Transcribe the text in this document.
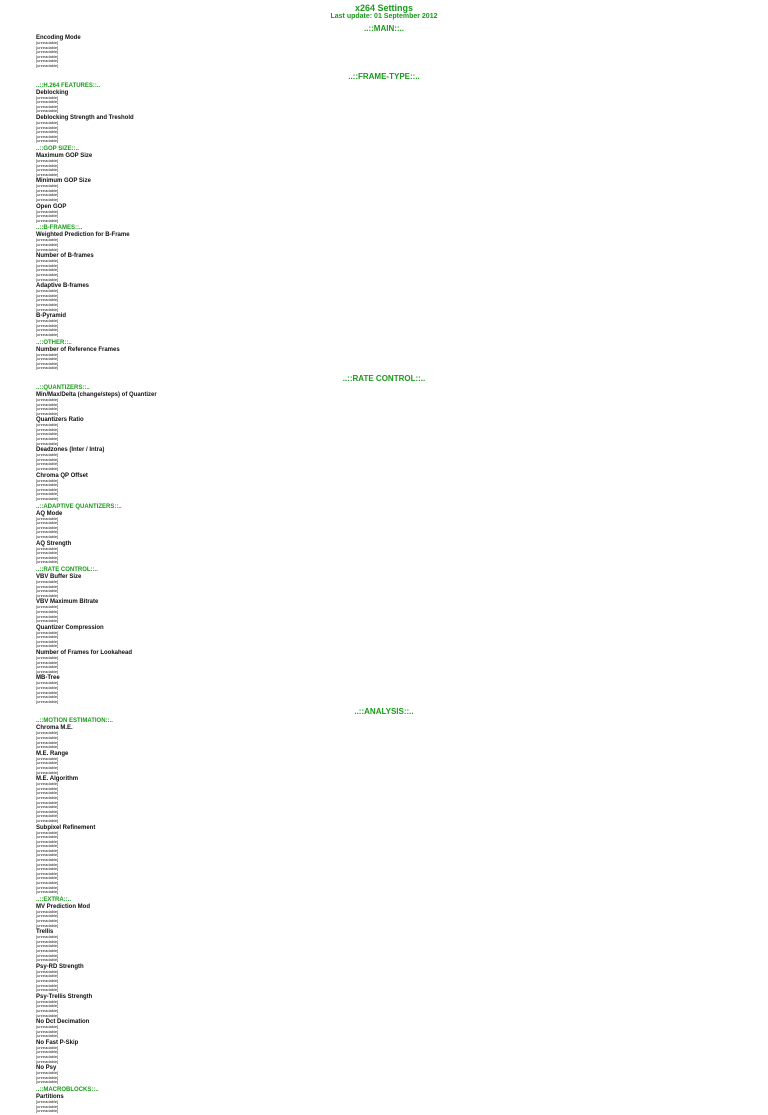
x264 Settings
Last update: 01 September 2012
..::MAIN::..
Encoding Mode
[unreadable]
[unreadable]
[unreadable]
[unreadable]
[unreadable]
[unreadable]
..::FRAME-TYPE::..
..::H.264 FEATURES::..
Deblocking
[unreadable]
[unreadable]
[unreadable]
[unreadable]
Deblocking Strength and Treshold
[unreadable]
[unreadable]
[unreadable]
[unreadable]
[unreadable]
..::GOP SIZE::..
Maximum GOP Size
[unreadable]
[unreadable]
[unreadable]
[unreadable]
Minimum GOP Size
[unreadable]
[unreadable]
[unreadable]
[unreadable]
Open GOP
[unreadable]
[unreadable]
[unreadable]
..::B-FRAMES::..
Weighted Prediction for B-Frame
[unreadable]
[unreadable]
[unreadable]
Number of B-frames
[unreadable]
[unreadable]
[unreadable]
[unreadable]
[unreadable]
Adaptive B-frames
[unreadable]
[unreadable]
[unreadable]
[unreadable]
[unreadable]
B-Pyramid
[unreadable]
[unreadable]
[unreadable]
[unreadable]
..::OTHER::..
Number of Reference Frames
[unreadable]
[unreadable]
[unreadable]
[unreadable]
..::RATE CONTROL::..
..::QUANTIZERS::..
Min/Max/Delta (change/steps) of Quantizer
[unreadable]
[unreadable]
[unreadable]
[unreadable]
Quantizers Ratio
[unreadable]
[unreadable]
[unreadable]
[unreadable]
[unreadable]
Deadzones (Inter / Intra)
[unreadable]
[unreadable]
[unreadable]
[unreadable]
Chroma QP Offset
[unreadable]
[unreadable]
[unreadable]
[unreadable]
[unreadable]
..::ADAPTIVE QUANTIZERS::..
AQ Mode
[unreadable]
[unreadable]
[unreadable]
[unreadable]
[unreadable]
AQ Strength
[unreadable]
[unreadable]
[unreadable]
[unreadable]
..::RATE CONTROL::..
VBV Buffer Size
[unreadable]
[unreadable]
[unreadable]
[unreadable]
VBV Maximum Bitrate
[unreadable]
[unreadable]
[unreadable]
[unreadable]
Quantizer Compression
[unreadable]
[unreadable]
[unreadable]
[unreadable]
Number of Frames for Lookahead
[unreadable]
[unreadable]
[unreadable]
[unreadable]
MB-Tree
[unreadable]
[unreadable]
[unreadable]
[unreadable]
[unreadable]
..::ANALYSIS::..
..::MOTION ESTIMATION::..
Chroma M.E.
[unreadable]
[unreadable]
[unreadable]
[unreadable]
M.E. Range
[unreadable]
[unreadable]
[unreadable]
[unreadable]
M.E. Algorithm
[unreadable]
[unreadable]
[unreadable]
[unreadable]
[unreadable]
[unreadable]
[unreadable]
[unreadable]
[unreadable]
Subpixel Refinement
[unreadable]
[unreadable]
[unreadable]
[unreadable]
[unreadable]
[unreadable]
[unreadable]
[unreadable]
[unreadable]
[unreadable]
[unreadable]
[unreadable]
[unreadable]
[unreadable]
..::EXTRA::..
MV Prediction Mod
[unreadable]
[unreadable]
[unreadable]
[unreadable]
Trellis
[unreadable]
[unreadable]
[unreadable]
[unreadable]
[unreadable]
[unreadable]
Psy-RD Strength
[unreadable]
[unreadable]
[unreadable]
[unreadable]
[unreadable]
Psy-Trellis Strength
[unreadable]
[unreadable]
[unreadable]
[unreadable]
No Dct Decimation
[unreadable]
[unreadable]
[unreadable]
No Fast P-Skip
[unreadable]
[unreadable]
[unreadable]
[unreadable]
No Psy
[unreadable]
[unreadable]
[unreadable]
..::MACROBLOCKS::..
Partitions
[unreadable]
[unreadable]
[unreadable]
